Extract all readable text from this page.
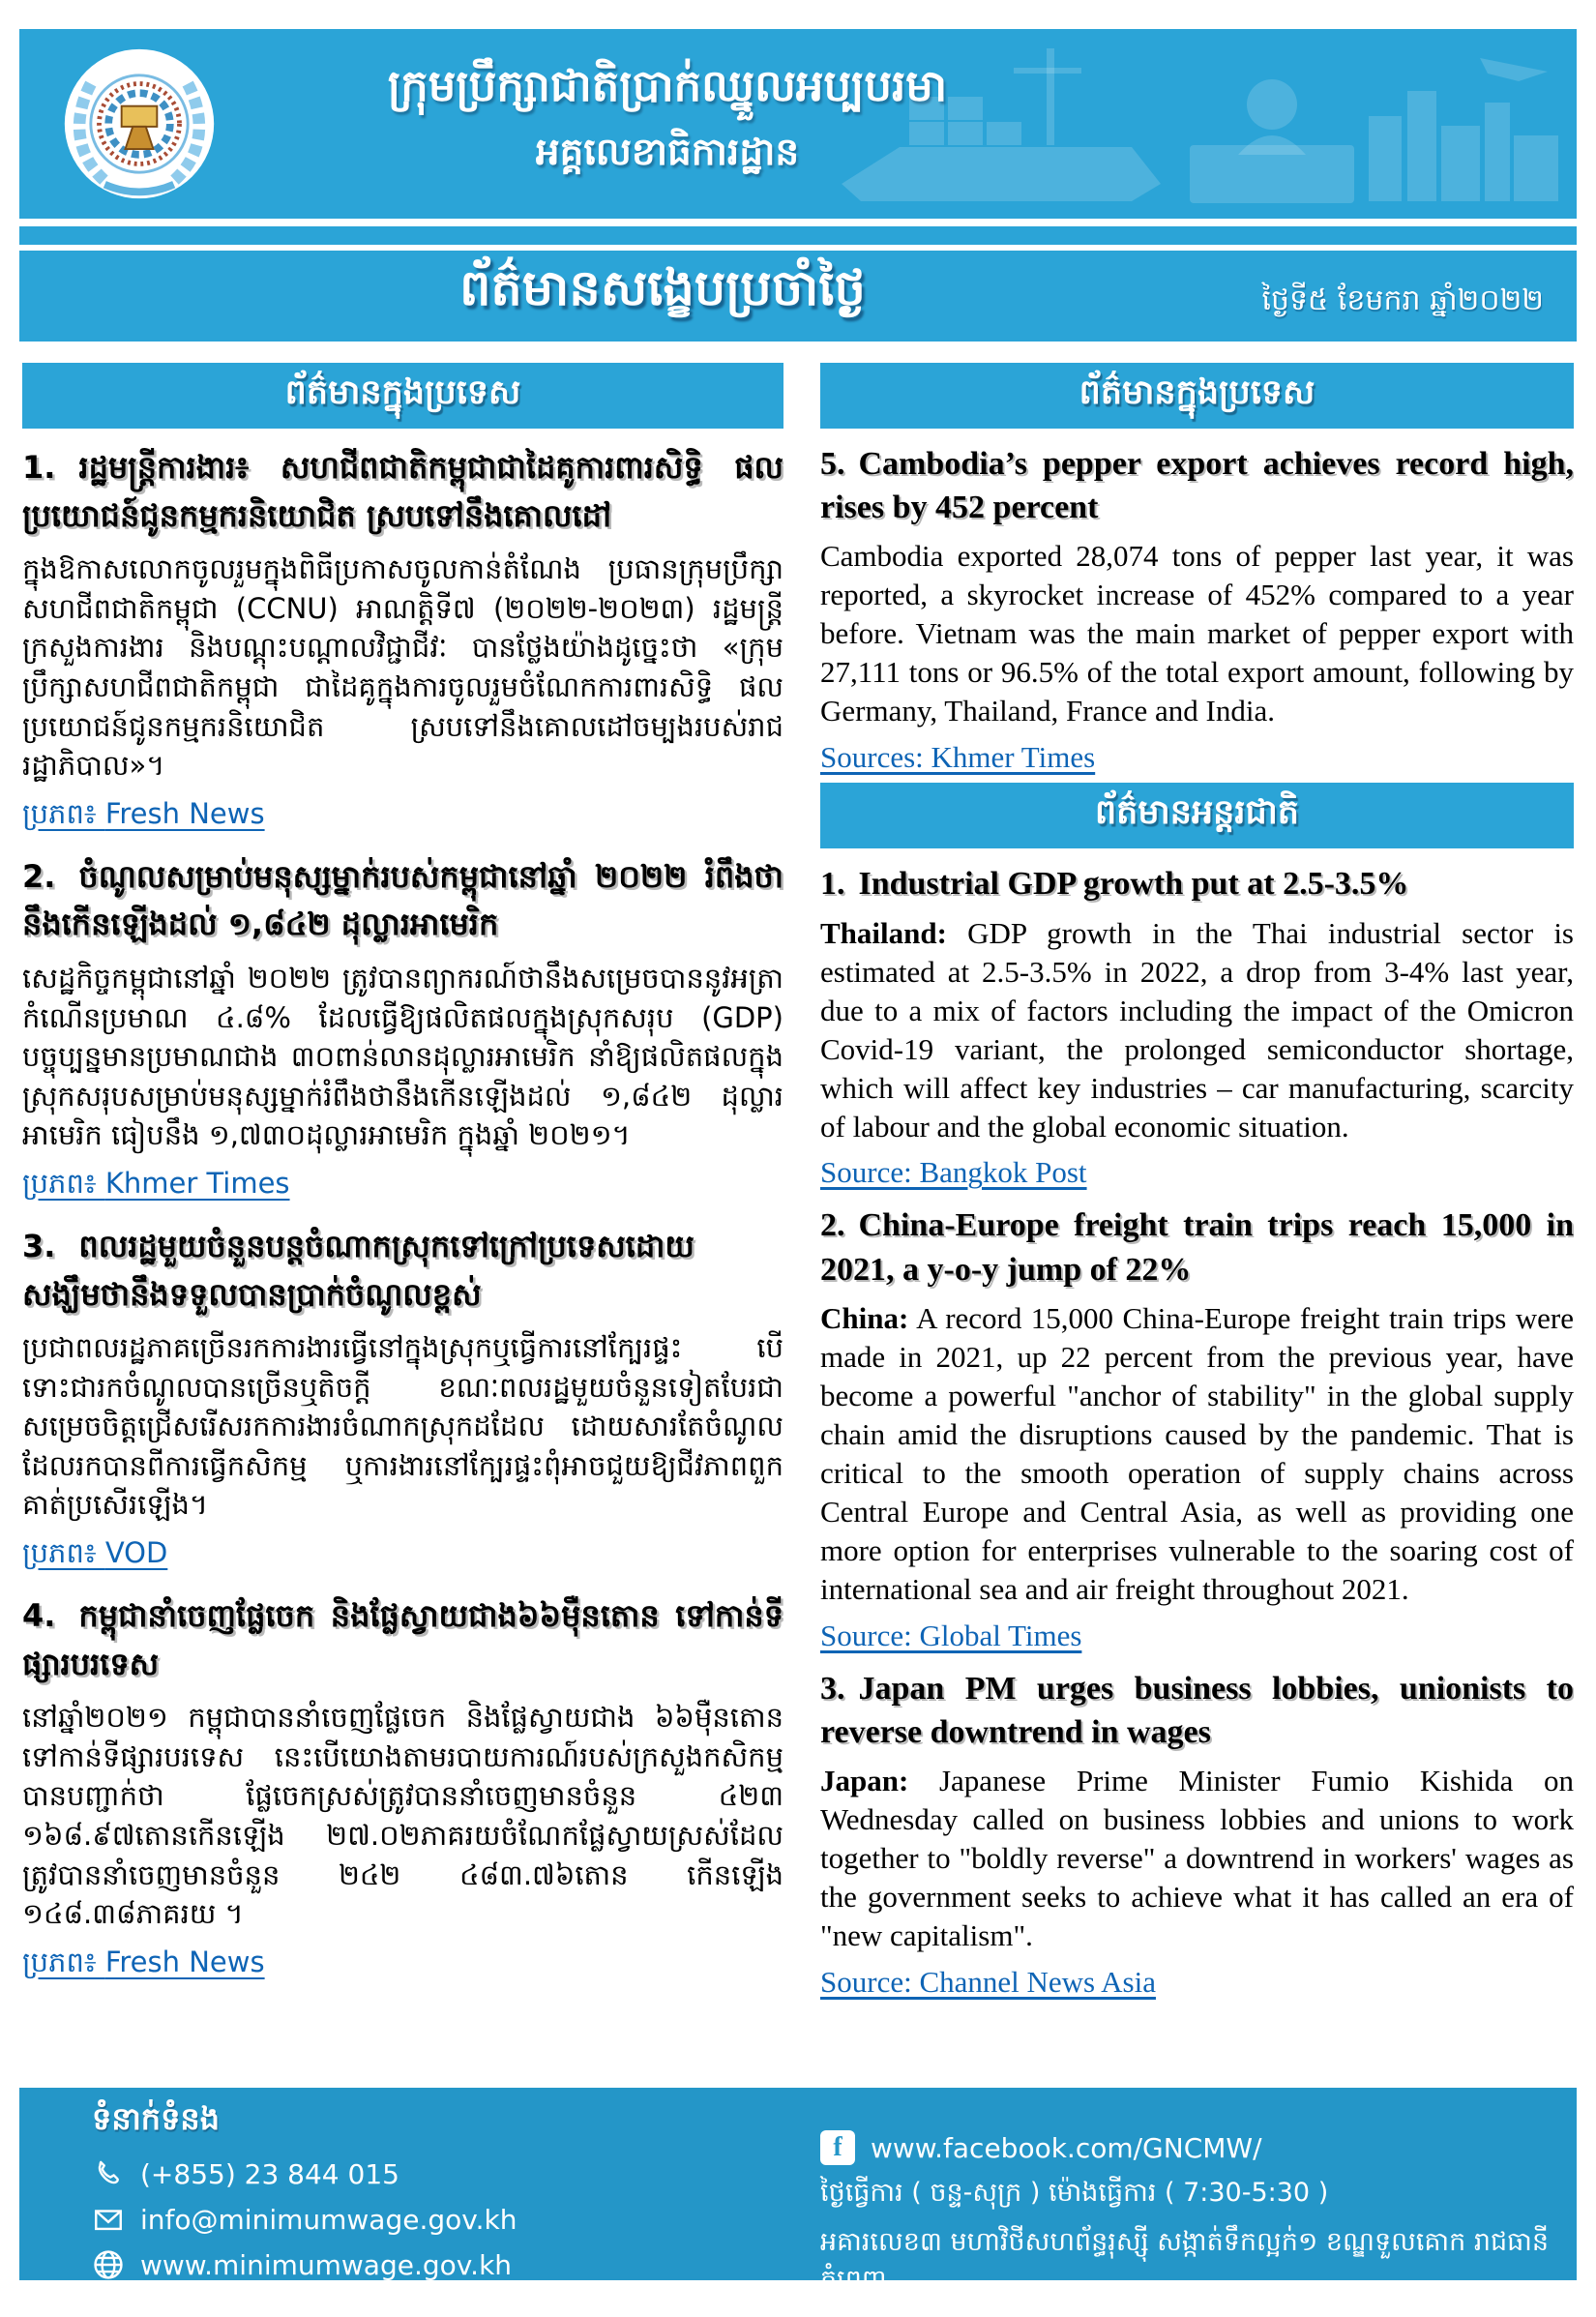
ក្រុមប្រឹក្សាជាតិប្រាក់ឈ្នួលអប្បបរមា
អគ្គលេខាធិការដ្ឋាន
ព័ត៌មានសង្ខេបប្រចាំថ្ងៃ	ថ្ងៃទី៥ ខែមករា ឆ្នាំ២០២២
ព័ត៌មានក្នុងប្រទេស
1. រដ្ឋមន្ត្រីការងារ៖ សហជីពជាតិកម្ពុជាជាដៃគូការពារសិទ្ធិ ផលប្រយោជន៍ជូនកម្មករនិយោជិត ស្របទៅនឹងគោលដៅ
ក្នុងឱកាសលោកចូលរួមក្នុងពិធីប្រកាសចូលកាន់តំណែង ប្រធានក្រុមប្រឹក្សាសហជីពជាតិកម្ពុជា (CCNU) អាណត្តិទី៧ (២០២២-២០២៣) រដ្ឋមន្ត្រីក្រសួងការងារ និងបណ្តុះបណ្តាលវិជ្ជាជីវៈ បានថ្លែងយ៉ាងដូច្នេះថា «ក្រុមប្រឹក្សាសហជីពជាតិកម្ពុជា ជាដៃគូក្នុងការចូលរួមចំណែកការពារសិទ្ធិ ផលប្រយោជន៍ជូនកម្មករនិយោជិត ស្របទៅនឹងគោលដៅចម្បងរបស់រាជរដ្ឋាភិបាល»។
ប្រភព៖ Fresh News
2. ចំណូលសម្រាប់មនុស្សម្នាក់របស់កម្ពុជានៅឆ្នាំ ២០២២ រំពឹងថានឹងកើនឡើងដល់ ១,៨៤២ ដុល្លារអាមេរិក
សេដ្ឋកិច្ចកម្ពុជានៅឆ្នាំ ២០២២ ត្រូវបានព្យាករណ៍ថានឹងសម្រេចបាននូវអត្រាកំណើនប្រមាណ ៤.៨% ដែលធ្វើឱ្យផលិតផលក្នុងស្រុកសរុប (GDP) បច្ចុប្បន្នមានប្រមាណជាង ៣០ពាន់លានដុល្លារអាមេរិក នាំឱ្យផលិតផលក្នុងស្រុកសរុបសម្រាប់មនុស្សម្នាក់រំពឹងថានឹងកើនឡើងដល់ ១,៨៤២ ដុល្លារអាមេរិក ធៀបនឹង ១,៧៣០ដុល្លារអាមេរិក ក្នុងឆ្នាំ ២០២១។
ប្រភព៖ Khmer Times
3. ពលរដ្ឋមួយចំនួនបន្តចំណាកស្រុកទៅក្រៅប្រទេសដោយសង្ឃឹមថានឹងទទួលបានប្រាក់ចំណូលខ្ពស់
ប្រជាពលរដ្ឋភាគច្រើនរកការងារធ្វើនៅក្នុងស្រុកឬធ្វើការនៅក្បែរផ្ទះ បើទោះជារកចំណូលបានច្រើនឬតិចក្តី ខណៈពលរដ្ឋមួយចំនួនទៀតបែរជាសម្រេចចិត្តជ្រើសរើសរកការងារចំណាកស្រុកដដែល ដោយសារតែចំណូលដែលរកបានពីការធ្វើកសិកម្ម ឬការងារនៅក្បែរផ្ទះពុំអាចជួយឱ្យជីវភាពពួកគាត់ប្រសើរឡើង។
ប្រភព៖ VOD
4. កម្ពុជានាំចេញផ្លែចេក និងផ្លែស្វាយជាង៦៦ម៉ឺនតោន ទៅកាន់ទីផ្សារបរទេស
នៅឆ្នាំ២០២១ កម្ពុជាបាននាំចេញផ្លែចេក និងផ្លែស្វាយជាង ៦៦ម៉ឺនតោន ទៅកាន់ទីផ្សារបរទេស នេះបើយោងតាមរបាយការណ៍របស់ក្រសួងកសិកម្មបានបញ្ជាក់ថា ផ្លែចេកស្រស់ត្រូវបាននាំចេញមានចំនួន ៤២៣ ១៦៨.៩៧តោនកើនឡើង ២៧.០២ភាគរយចំណែកផ្លែស្វាយស្រស់ដែលត្រូវបាននាំចេញមានចំនួន ២៤២ ៤៨៣.៧៦តោន កើនឡើង ១៤៨.៣៨ភាគរយ ។
ប្រភព៖ Fresh News
ព័ត៌មានក្នុងប្រទេស
5. Cambodia’s pepper export achieves record high, rises by 452 percent
Cambodia exported 28,074 tons of pepper last year, it was reported, a skyrocket increase of 452% compared to a year before. Vietnam was the main market of pepper export with 27,111 tons or 96.5% of the total export amount, following by Germany, Thailand, France and India.
Sources: Khmer Times
ព័ត៌មានអន្តរជាតិ
1. Industrial GDP growth put at 2.5-3.5%
Thailand: GDP growth in the Thai industrial sector is estimated at 2.5-3.5% in 2022, a drop from 3-4% last year, due to a mix of factors including the impact of the Omicron Covid-19 variant, the prolonged semiconductor shortage, which will affect key industries – car manufacturing, scarcity of labour and the global economic situation.
Source: Bangkok Post
2. China-Europe freight train trips reach 15,000 in 2021, a y-o-y jump of 22%
China: A record 15,000 China-Europe freight train trips were made in 2021, up 22 percent from the previous year, have become a powerful "anchor of stability" in the global supply chain amid the disruptions caused by the pandemic. That is critical to the smooth operation of supply chains across Central Europe and Central Asia, as well as providing one more option for enterprises vulnerable to the soaring cost of international sea and air freight throughout 2021.
Source: Global Times
3. Japan PM urges business lobbies, unionists to reverse downtrend in wages
Japan: Japanese Prime Minister Fumio Kishida on Wednesday called on business lobbies and unions to work together to "boldly reverse" a downtrend in workers' wages as the government seeks to achieve what it has called an era of "new capitalism".
Source: Channel News Asia
ទំនាក់ទំនង
(+855) 23 844 015
info@minimumwage.gov.kh
www.minimumwage.gov.kh
f	www.facebook.com/GNCMW/
ថ្ងៃធ្វើការ ( ចន្ទ-សុក្រ ) ម៉ោងធ្វើការ ( 7:30-5:30 )
អគារលេខ៣ មហាវិថីសហព័ន្ធរុស្ស៊ី សង្កាត់ទឹកល្អក់១ ខណ្ឌទួលគោក រាជធានីភ្នំពេញ
